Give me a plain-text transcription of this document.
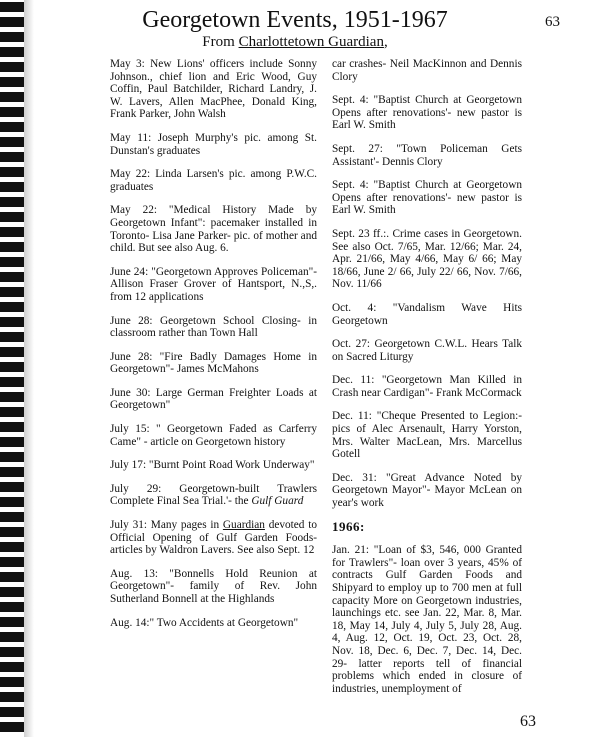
Georgetown Events, 1951-1967

From Charlottetown Guardian,

63

May 3: New Lions' officers include Sonny Johnson., chief lion and Eric Wood, Guy Coffin, Paul Batchilder, Richard Landry, J. W. Lavers, Allen MacPhee, Donald King, Frank Parker, John Walsh

May 11: Joseph Murphy's pic. among St. Dunstan's graduates

May 22: Linda Larsen's pic. among P.W.C. graduates

May 22: "Medical History Made by Georgetown Infant": pacemaker installed in Toronto- Lisa Jane Parker- pic. of mother and child. But see also Aug. 6.

June 24: "Georgetown Approves Policeman"- Allison Fraser Grover of Hantsport, N.,S,. from 12 applications

June 28: Georgetown School Closing- in classroom rather than Town Hall

June 28: "Fire Badly Damages Home in Georgetown"- James McMahons

June 30: Large German Freighter Loads at Georgetown"

July 15: " Georgetown Faded as Carferry Came" - article on Georgetown history

July 17: "Burnt Point Road Work Underway"

July 29: Georgetown-built Trawlers Complete Final Sea Trial.'- the Gulf Guard

July 31: Many pages in Guardian devoted to Official Opening of Gulf Garden Foods- articles by Waldron Lavers. See also Sept. 12

Aug. 13: "Bonnells Hold Reunion at Georgetown"- family of Rev. John Sutherland Bonnell at the Highlands

Aug. 14:" Two Accidents at Georgetown"

car crashes- Neil MacKinnon and Dennis Clory

Sept. 4: "Baptist Church at Georgetown Opens after renovations'- new pastor is Earl W. Smith

Sept. 27: "Town Policeman Gets Assistant'- Dennis Clory

Sept. 4: "Baptist Church at Georgetown Opens after renovations'- new pastor is Earl W. Smith

Sept. 23 ff.:. Crime cases in Georgetown. See also Oct. 7/65, Mar. 12/66; Mar. 24, Apr. 21/66, May 4/66, May 6/ 66; May 18/66, June 2/ 66, July 22/ 66, Nov. 7/66, Nov. 11/66

Oct. 4: "Vandalism Wave Hits Georgetown

Oct. 27: Georgetown C.W.L. Hears Talk on Sacred Liturgy

Dec. 11: "Georgetown Man Killed in Crash near Cardigan"- Frank McCormack

Dec. 11: "Cheque Presented to Legion:- pics of Alec Arsenault, Harry Yorston, Mrs. Walter MacLean, Mrs. Marcellus Gotell

Dec. 31: "Great Advance Noted by Georgetown Mayor"- Mayor McLean on year's work

1966:

Jan. 21: "Loan of $3, 546, 000 Granted for Trawlers"- loan over 3 years, 45% of contracts Gulf Garden Foods and Shipyard to employ up to 700 men at full capacity More on Georgetown industries, launchings etc. see Jan. 22, Mar. 8, Mar. 18, May 14, July 4, July 5, July 28, Aug. 4, Aug. 12, Oct. 19, Oct. 23, Oct. 28, Nov. 18, Dec. 6, Dec. 7, Dec. 14, Dec. 29- latter reports tell of financial problems which ended in closure of industries, unemployment of

63
